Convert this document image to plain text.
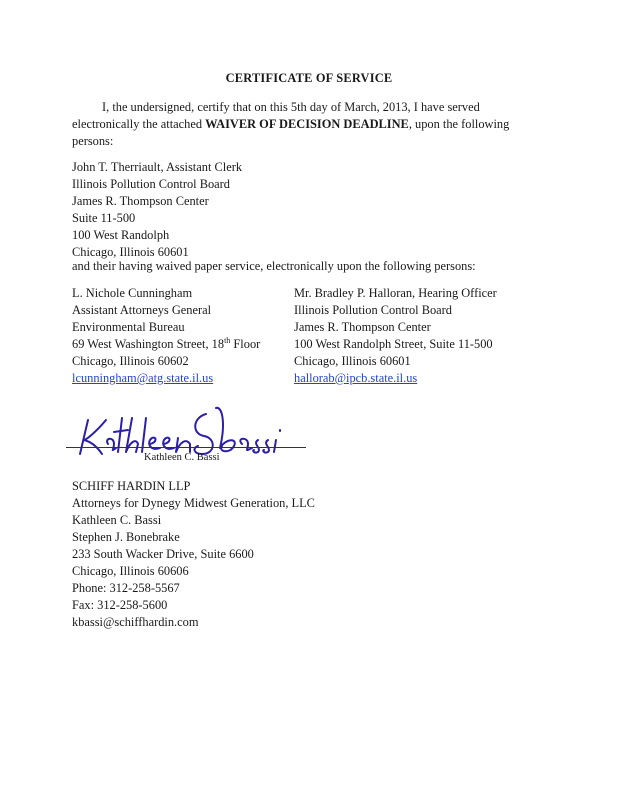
CERTIFICATE OF SERVICE
I, the undersigned, certify that on this 5th day of March, 2013, I have served electronically the attached WAIVER OF DECISION DEADLINE, upon the following persons:
John T. Therriault, Assistant Clerk
Illinois Pollution Control Board
James R. Thompson Center
Suite 11-500
100 West Randolph
Chicago, Illinois 60601
and their having waived paper service, electronically upon the following persons:
L. Nichole Cunningham
Assistant Attorneys General
Environmental Bureau
69 West Washington Street, 18th Floor
Chicago, Illinois 60602
lcunningham@atg.state.il.us
Mr. Bradley P. Halloran, Hearing Officer
Illinois Pollution Control Board
James R. Thompson Center
100 West Randolph Street, Suite 11-500
Chicago, Illinois 60601
hallorab@ipcb.state.il.us
Kathleen C. Bassi
SCHIFF HARDIN LLP
Attorneys for Dynegy Midwest Generation, LLC
Kathleen C. Bassi
Stephen J. Bonebrake
233 South Wacker Drive, Suite 6600
Chicago, Illinois 60606
Phone: 312-258-5567
Fax: 312-258-5600
kbassi@schiffhardin.com
